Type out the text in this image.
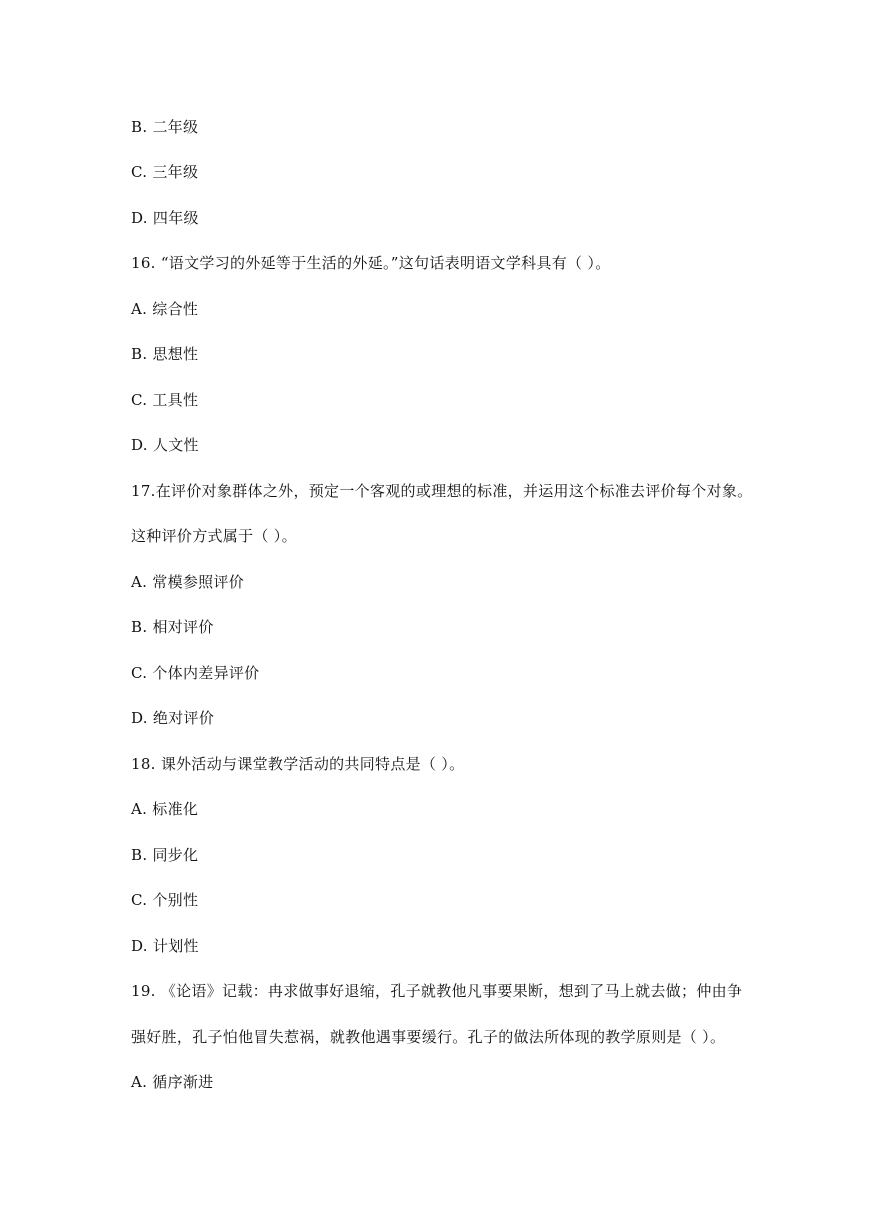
B. 二年级
C. 三年级
D. 四年级
16. “语文学习的外延等于生活的外延。”这句话表明语文学科具有（ ）。
A. 综合性
B. 思想性
C. 工具性
D. 人文性
17.在评价对象群体之外，预定一个客观的或理想的标准，并运用这个标准去评价每个对象。
这种评价方式属于（ ）。
A. 常模参照评价
B. 相对评价
C. 个体内差异评价
D. 绝对评价
18. 课外活动与课堂教学活动的共同特点是（ ）。
A. 标准化
B. 同步化
C. 个别性
D. 计划性
19. 《论语》记载：冉求做事好退缩，孔子就教他凡事要果断，想到了马上就去做；仲由争
强好胜，孔子怕他冒失惹祸，就教他遇事要缓行。孔子的做法所体现的教学原则是（ ）。
A. 循序渐进
